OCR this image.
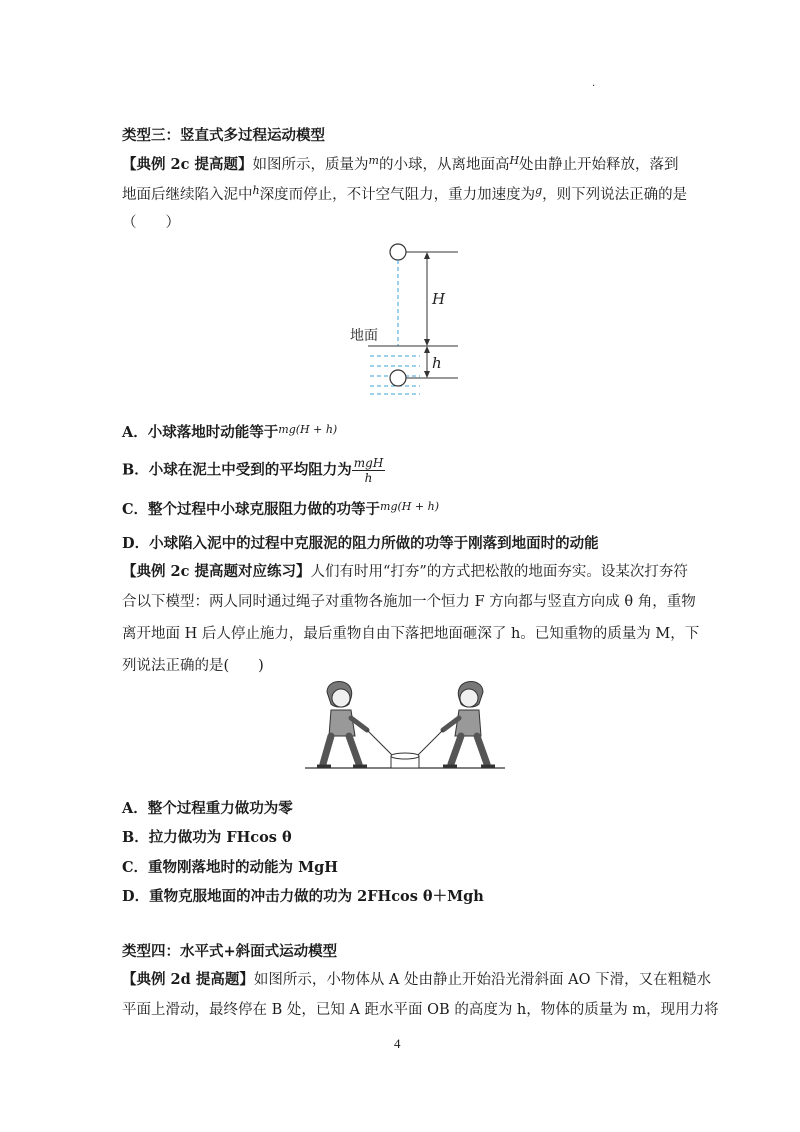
.
类型三：竖直式多过程运动模型
【典例 2c 提高题】如图所示，质量为$^m$的小球，从离地面高$^H$处由静止开始释放，落到
地面后继续陷入泥中$^h$深度而停止，不计空气阻力，重力加速度为$^g$，则下列说法正确的是
（　　）
H
地面
h
A．小球落地时动能等于$^{mg(H + h)}$
B．小球在泥土中受到的平均阻力为 $\frac{\text{mgH}}{h}$
C．整个过程中小球克服阻力做的功等于$^{mg(H + h)}$
D．小球陷入泥中的过程中克服泥的阻力所做的功等于刚落到地面时的动能
【典例 2c 提高题对应练习】人们有时用“打夯”的方式把松散的地面夯实。设某次打夯符
合以下模型：两人同时通过绳子对重物各施加一个恒力 F 方向都与竖直方向成 θ 角，重物
离开地面 H 后人停止施力，最后重物自由下落把地面砸深了 h。已知重物的质量为 M，下
列说法正确的是(　　)
A．整个过程重力做功为零
B．拉力做功为 FHcos θ
C．重物刚落地时的动能为 MgH
D．重物克服地面的冲击力做的功为 2FHcos θ＋Mgh
类型四：水平式+斜面式运动模型
【典例 2d 提高题】如图所示，小物体从 A 处由静止开始沿光滑斜面 AO 下滑，又在粗糙水
平面上滑动，最终停在 B 处，已知 A 距水平面 OB 的高度为 h，物体的质量为 m，现用力将
4
